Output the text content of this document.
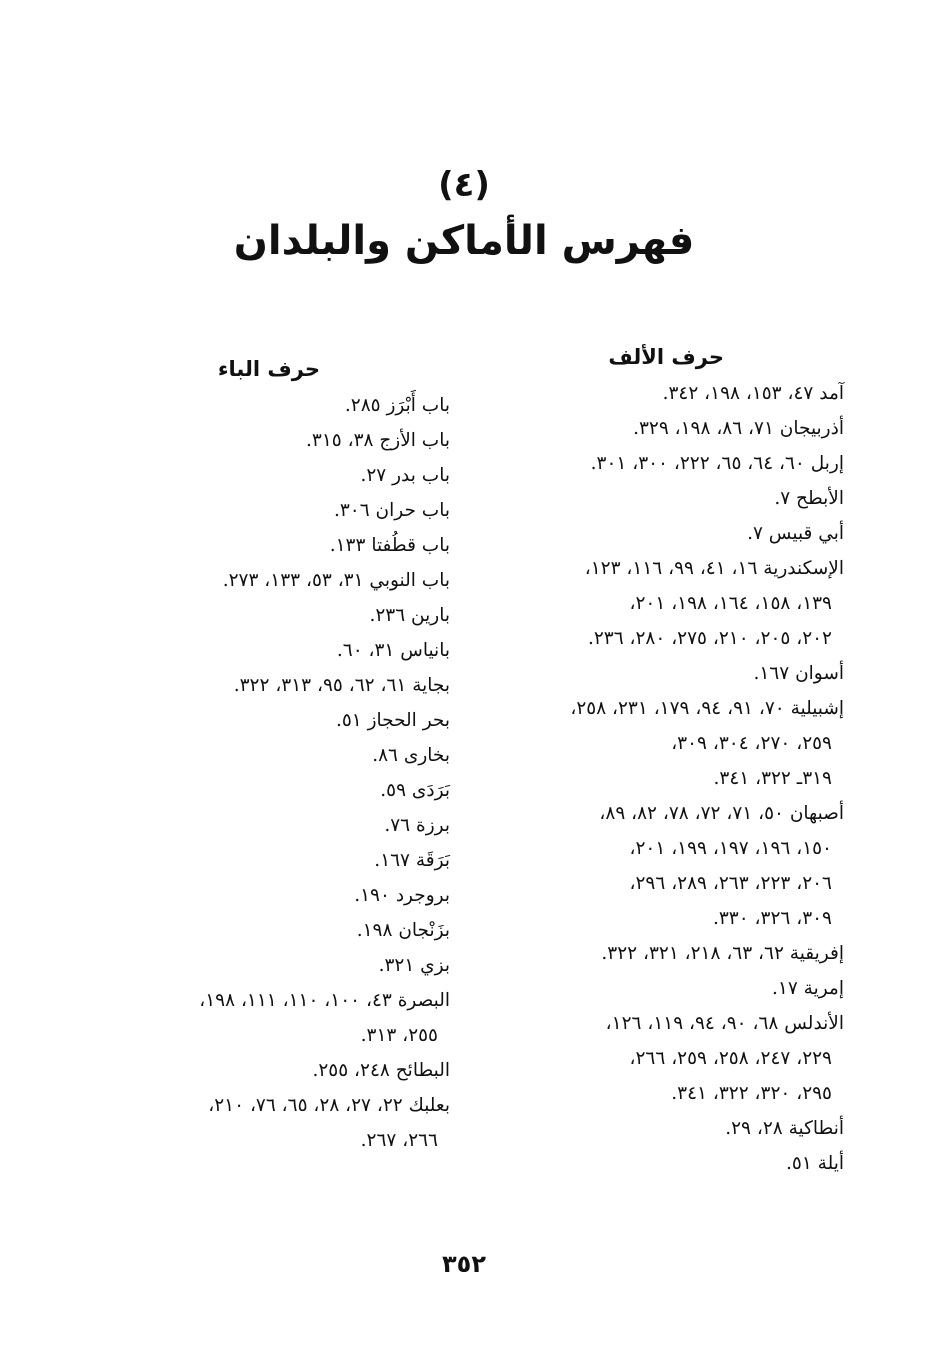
(٤)
فهرس الأماكن والبلدان
حرف الألف
آمد ٤٧، ١٥٣، ١٩٨، ٣٤٢.
أذربيجان ٧١، ٨٦، ١٩٨، ٣٢٩.
إربل ٦٠، ٦٤، ٦٥، ٢٢٢، ٣٠٠، ٣٠١.
الأبطح ٧.
أبي قبيس ٧.
الإسكندرية ١٦، ٤١، ٩٩، ١١٦، ١٢٣،
١٣٩، ١٥٨، ١٦٤، ١٩٨، ٢٠١،
٢٠٢، ٢٠٥، ٢١٠، ٢٧٥، ٢٨٠، ٢٣٦.
أسوان ١٦٧.
إشبيلية ٧٠، ٩١، ٩٤، ١٧٩، ٢٣١، ٢٥٨،
٢٥٩، ٢٧٠، ٣٠٤، ٣٠٩،
٣١٩ـ ٣٢٢، ٣٤١.
أصبهان ٥٠، ٧١، ٧٢، ٧٨، ٨٢، ٨٩،
١٥٠، ١٩٦، ١٩٧، ١٩٩، ٢٠١،
٢٠٦، ٢٢٣، ٢٦٣، ٢٨٩، ٢٩٦،
٣٠٩، ٣٢٦، ٣٣٠.
إفريقية ٦٢، ٦٣، ٢١٨، ٣٢١، ٣٢٢.
إمرية ١٧.
الأندلس ٦٨، ٩٠، ٩٤، ١١٩، ١٢٦،
٢٢٩، ٢٤٧، ٢٥٨، ٢٥٩، ٢٦٦،
٢٩٥، ٣٢٠، ٣٢٢، ٣٤١.
أنطاكية ٢٨، ٢٩.
أيلة ٥١.
حرف الباء
باب أَبْرَز ٢٨٥.
باب الأزج ٣٨، ٣١٥.
باب بدر ٢٧.
باب حران ٣٠٦.
باب قطُفتا ١٣٣.
باب النوبي ٣١، ٥٣، ١٣٣، ٢٧٣.
بارين ٢٣٦.
بانياس ٣١، ٦٠.
بجاية ٦١، ٦٢، ٩٥، ٣١٣، ٣٢٢.
بحر الحجاز ٥١.
بخارى ٨٦.
بَرَدَى ٥٩.
برزة ٧٦.
بَرَقَة ١٦٧.
بروجرد ١٩٠.
بزَنْجان ١٩٨.
بزي ٣٢١.
البصرة ٤٣، ١٠٠، ١١٠، ١١١، ١٩٨،
٢٥٥، ٣١٣.
البطائح ٢٤٨، ٢٥٥.
بعلبك ٢٢، ٢٧، ٢٨، ٦٥، ٧٦، ٢١٠،
٢٦٦، ٢٦٧.
٣٥٢
